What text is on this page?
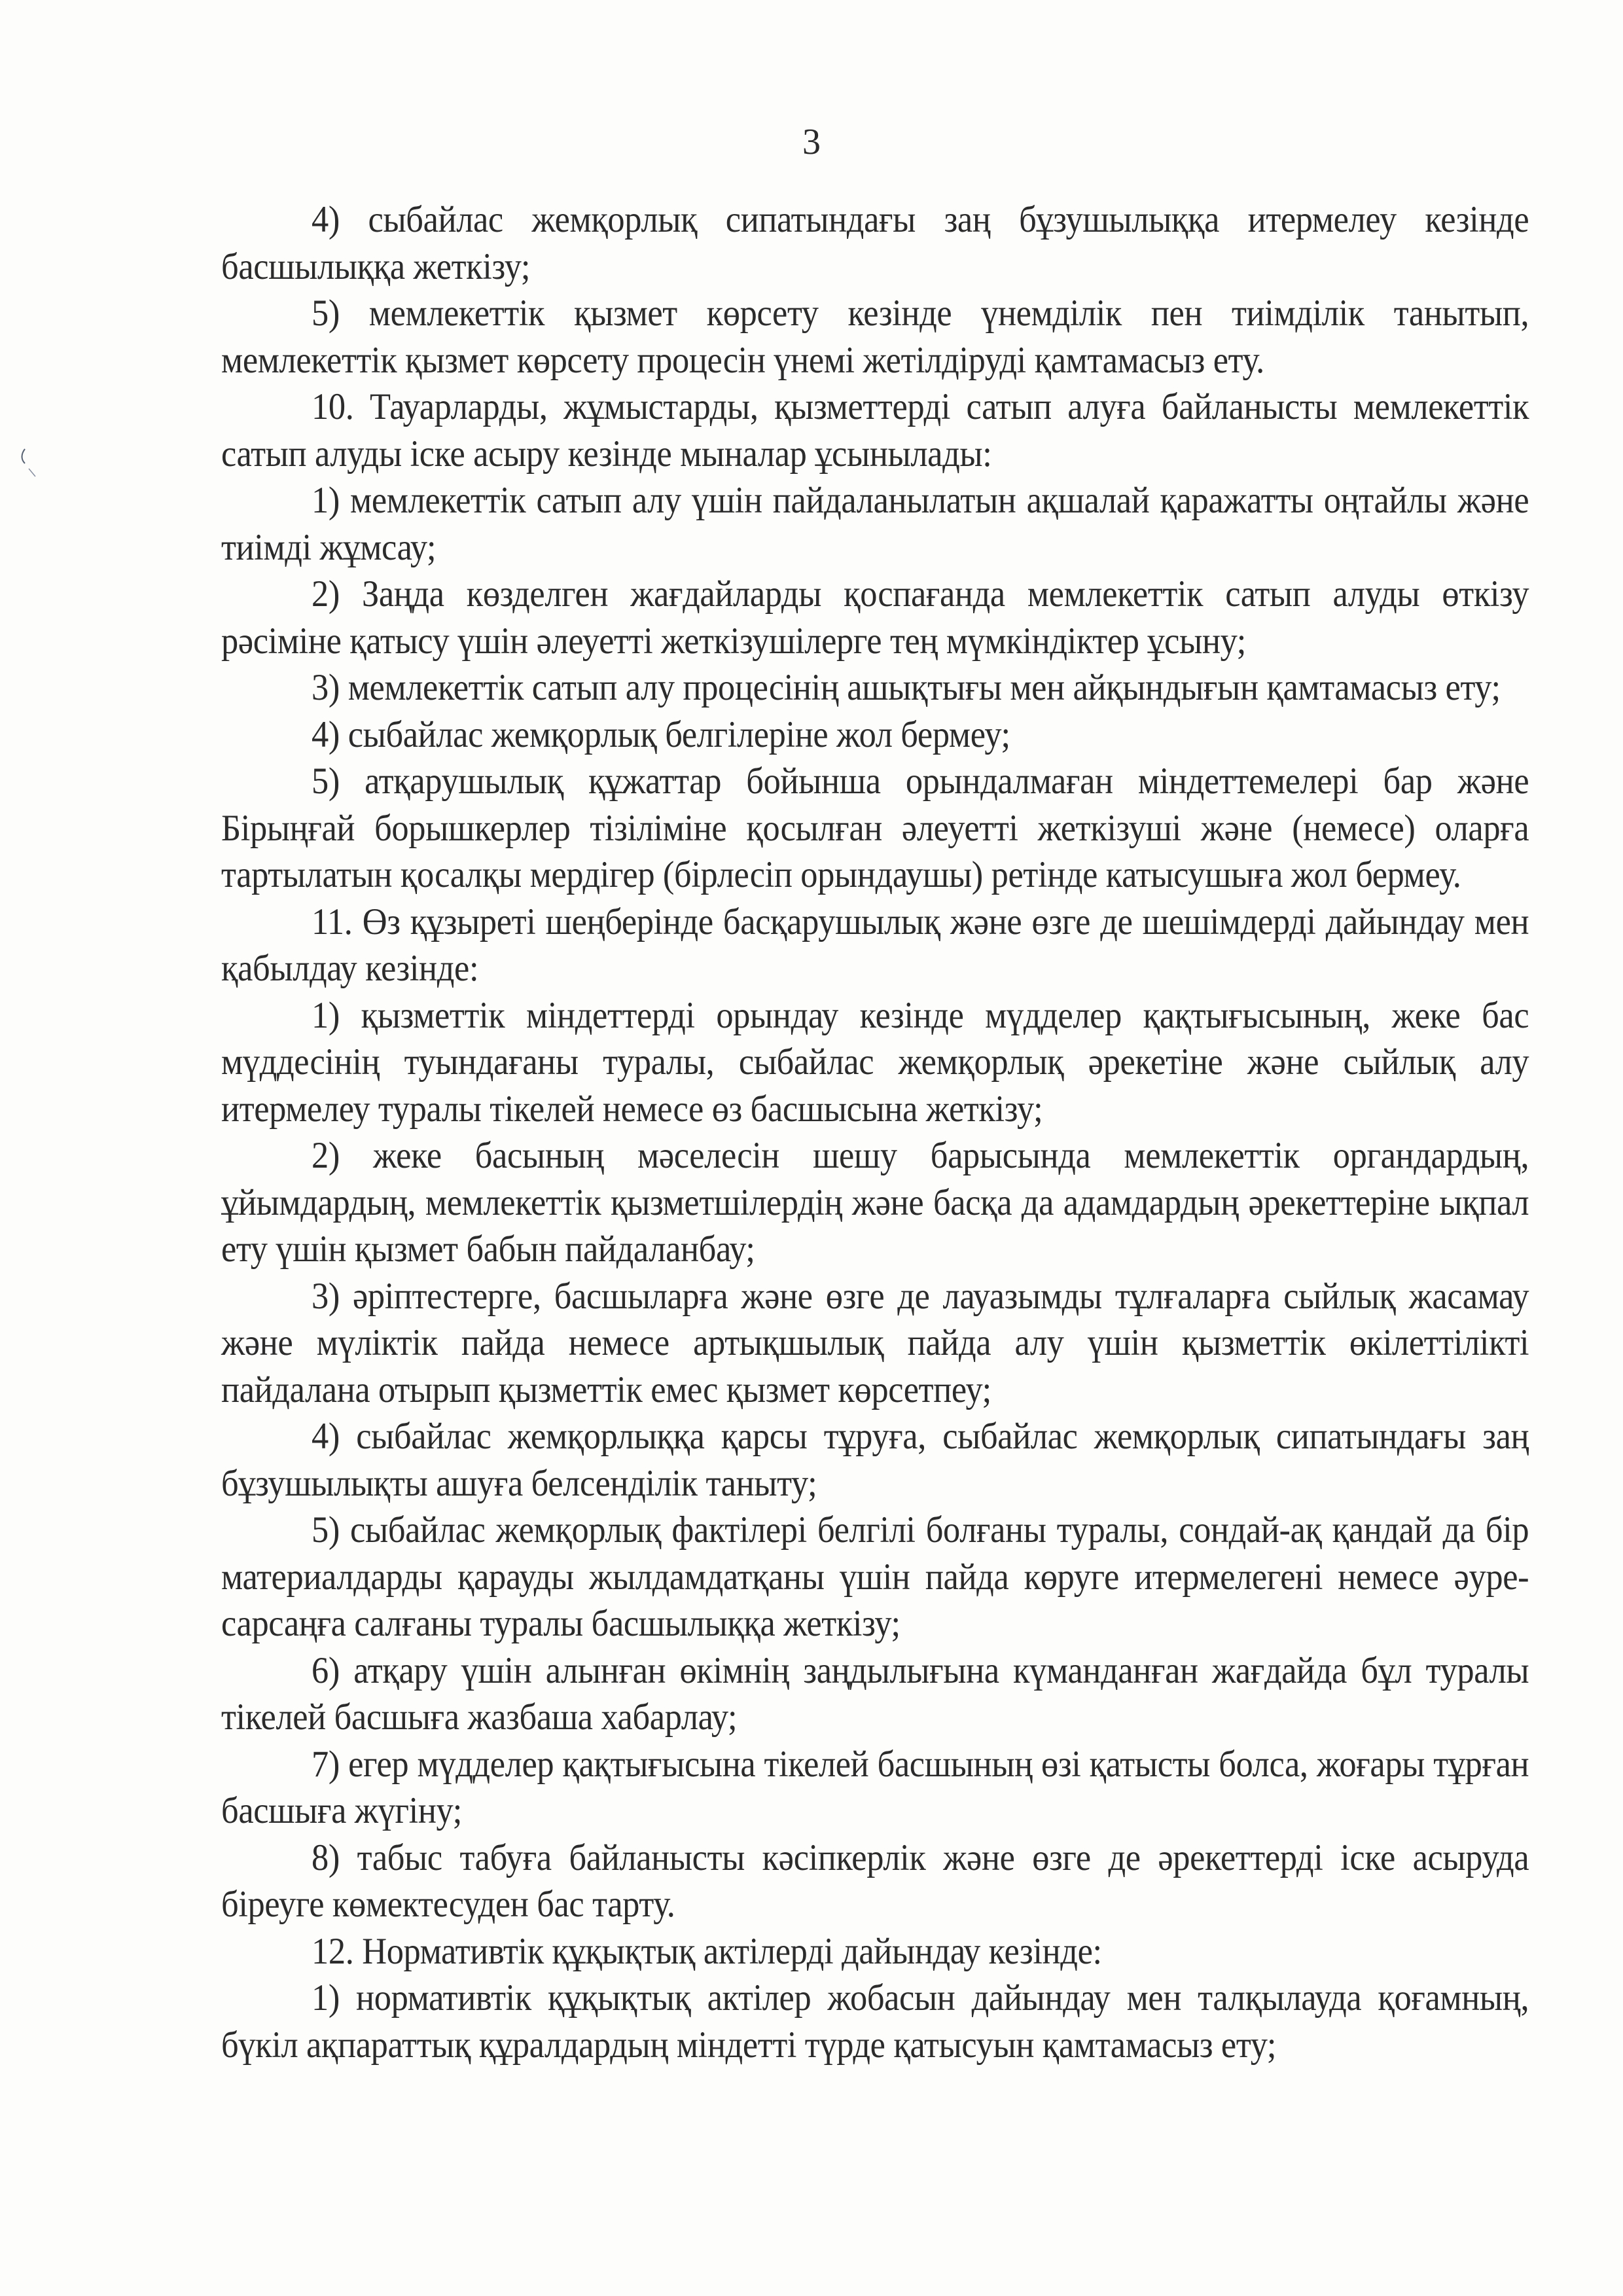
3

4) сыбайлас жемқорлық сипатындағы заң бұзушылыққа итермелеу кезінде басшылыққа жеткізу;

5) мемлекеттік қызмет көрсету кезінде үнемділік пен тиімділік танытып, мемлекеттік қызмет көрсету процесін үнемі жетілдіруді қамтамасыз ету.

10. Тауарларды, жұмыстарды, қызметтерді сатып алуға байланысты мемлекеттік сатып алуды іске асыру кезінде мыналар ұсынылады:

1) мемлекеттік сатып алу үшін пайдаланылатын ақшалай қаражатты оңтайлы және тиімді жұмсау;

2) Заңда көзделген жағдайларды қоспағанда мемлекеттік сатып алуды өткізу рәсіміне қатысу үшін әлеуетті жеткізушілерге тең мүмкіндіктер ұсыну;

3) мемлекеттік сатып алу процесінің ашықтығы мен айқындығын қамтамасыз ету;

4) сыбайлас жемқорлық белгілеріне жол бермеу;

5) атқарушылық құжаттар бойынша орындалмаған міндеттемелері бар және Бірыңғай борышкерлер тізіліміне қосылған әлеуетті жеткізуші және (немесе) оларға тартылатын қосалқы мердігер (бірлесіп орындаушы) ретінде катысушыға жол бермеу.

11. Өз құзыреті шеңберінде басқарушылық және өзге де шешімдерді дайындау мен қабылдау кезінде:

1) қызметтік міндеттерді орындау кезінде мүдделер қақтығысының, жеке бас мүддесінің туындағаны туралы, сыбайлас жемқорлық әрекетіне және сыйлық алу итермелеу туралы тікелей немесе өз басшысына жеткізу;

2) жеке басының мәселесін шешу барысында мемлекеттік органдардың, ұйымдардың, мемлекеттік қызметшілердің және басқа да адамдардың әрекеттеріне ықпал ету үшін қызмет бабын пайдаланбау;

3) әріптестерге, басшыларға және өзге де лауазымды тұлғаларға сыйлық жасамау және мүліктік пайда немесе артықшылық пайда алу үшін қызметтік өкілеттілікті пайдалана отырып қызметтік емес қызмет көрсетпеу;

4) сыбайлас жемқорлыққа қарсы тұруға, сыбайлас жемқорлық сипатындағы заң бұзушылықты ашуға белсенділік таныту;

5) сыбайлас жемқорлық фактілері белгілі болғаны туралы, сондай-ақ қандай да бір материалдарды қарауды жылдамдатқаны үшін пайда көруге итермелегені немесе әуре-сарсаңға салғаны туралы басшылыққа жеткізу;

6) атқару үшін алынған өкімнің заңдылығына күманданған жағдайда бұл туралы тікелей басшыға жазбаша хабарлау;

7) егер мүдделер қақтығысына тікелей басшының өзі қатысты болса, жоғары тұрған басшыға жүгіну;

8) табыс табуға байланысты кәсіпкерлік және өзге де әрекеттерді іске асыруда біреуге көмектесуден бас тарту.

12. Нормативтік құқықтық актілерді дайындау кезінде:

1) нормативтік құқықтық актілер жобасын дайындау мен талқылауда қоғамның, бүкіл ақпараттық құралдардың міндетті түрде қатысуын қамтамасыз ету;
